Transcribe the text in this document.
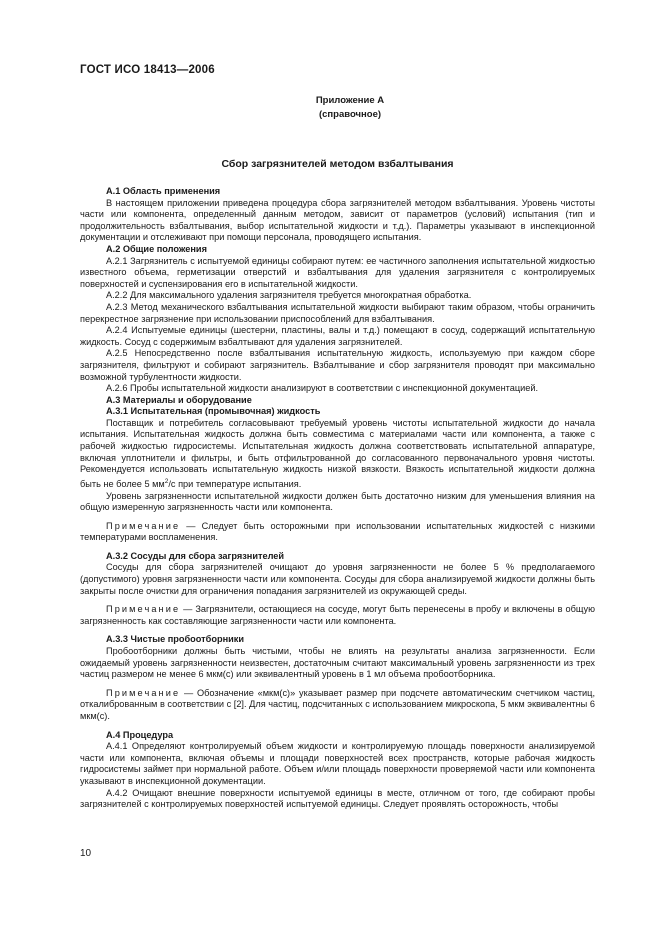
ГОСТ ИСО 18413—2006
Приложение А
(справочное)
Сбор загрязнителей методом взбалтывания

А.1 Область применения

В настоящем приложении приведена процедура сбора загрязнителей методом взбалтывания. Уровень чистоты части или компонента, определенный данным методом, зависит от параметров (условий) испытания (тип и продолжительность взбалтывания, выбор испытательной жидкости и т.д.). Параметры указывают в инспекционной документации и отслеживают при помощи персонала, проводящего испытания.

А.2 Общие положения

А.2.1 Загрязнитель с испытуемой единицы собирают путем: ее частичного заполнения испытательной жидкостью известного объема, герметизации отверстий и взбалтывания для удаления загрязнителя с контролируемых поверхностей и суспензирования его в испытательной жидкости.

А.2.2 Для максимального удаления загрязнителя требуется многократная обработка.

А.2.3 Метод механического взбалтывания испытательной жидкости выбирают таким образом, чтобы ограничить перекрестное загрязнение при использовании приспособлений для взбалтывания.

А.2.4 Испытуемые единицы (шестерни, пластины, валы и т.д.) помещают в сосуд, содержащий испытательную жидкость. Сосуд с содержимым взбалтывают для удаления загрязнителей.

А.2.5 Непосредственно после взбалтывания испытательную жидкость, используемую при каждом сборе загрязнителя, фильтруют и собирают загрязнитель. Взбалтывание и сбор загрязнителя проводят при максимально возможной турбулентности жидкости.

А.2.6 Пробы испытательной жидкости анализируют в соответствии с инспекционной документацией.

А.3 Материалы и оборудование

А.3.1 Испытательная (промывочная) жидкость

Поставщик и потребитель согласовывают требуемый уровень чистоты испытательной жидкости до начала испытания. Испытательная жидкость должна быть совместима с материалами части или компонента, а также с рабочей жидкостью гидросистемы. Испытательная жидкость должна соответствовать испытательной аппаратуре, включая уплотнители и фильтры, и быть отфильтрованной до согласованного первоначального уровня чистоты. Рекомендуется использовать испытательную жидкость низкой вязкости. Вязкость испытательной жидкости должна быть не более 5 $мм^2/с$ при температуре испытания.

Уровень загрязненности испытательной жидкости должен быть достаточно низким для уменьшения влияния на общую измеренную загрязненность части или компонента.

Примечание — Следует быть осторожными при использовании испытательных жидкостей с низкими температурами воспламенения.

А.3.2 Сосуды для сбора загрязнителей

Сосуды для сбора загрязнителей очищают до уровня загрязненности не более 5 % предполагаемого (допустимого) уровня загрязненности части или компонента. Сосуды для сбора анализируемой жидкости должны быть закрыты после очистки для ограничения попадания загрязнителей из окружающей среды.

Примечание — Загрязнители, остающиеся на сосуде, могут быть перенесены в пробу и включены в общую загрязненность как составляющие загрязненности части или компонента.

А.3.3 Чистые пробоотборники

Пробоотборники должны быть чистыми, чтобы не влиять на результаты анализа загрязненности. Если ожидаемый уровень загрязненности неизвестен, достаточным считают максимальный уровень загрязненности из трех частиц размером не менее 6 мкм(с) или эквивалентный уровень в 1 мл объема пробоотборника.

Примечание — Обозначение «мкм(с)» указывает размер при подсчете автоматическим счетчиком частиц, откалиброванным в соответствии с [2]. Для частиц, подсчитанных с использованием микроскопа, 5 мкм эквивалентны 6 мкм(с).

А.4 Процедура

А.4.1 Определяют контролируемый объем жидкости и контролируемую площадь поверхности анализируемой части или компонента, включая объемы и площади поверхностей всех пространств, которые рабочая жидкость гидросистемы займет при нормальной работе. Объем и/или площадь поверхности проверяемой части или компонента указывают в инспекционной документации.

А.4.2 Очищают внешние поверхности испытуемой единицы в месте, отличном от того, где собирают пробы загрязнителей с контролируемых поверхностей испытуемой единицы. Следует проявлять осторожность, чтобы

10
